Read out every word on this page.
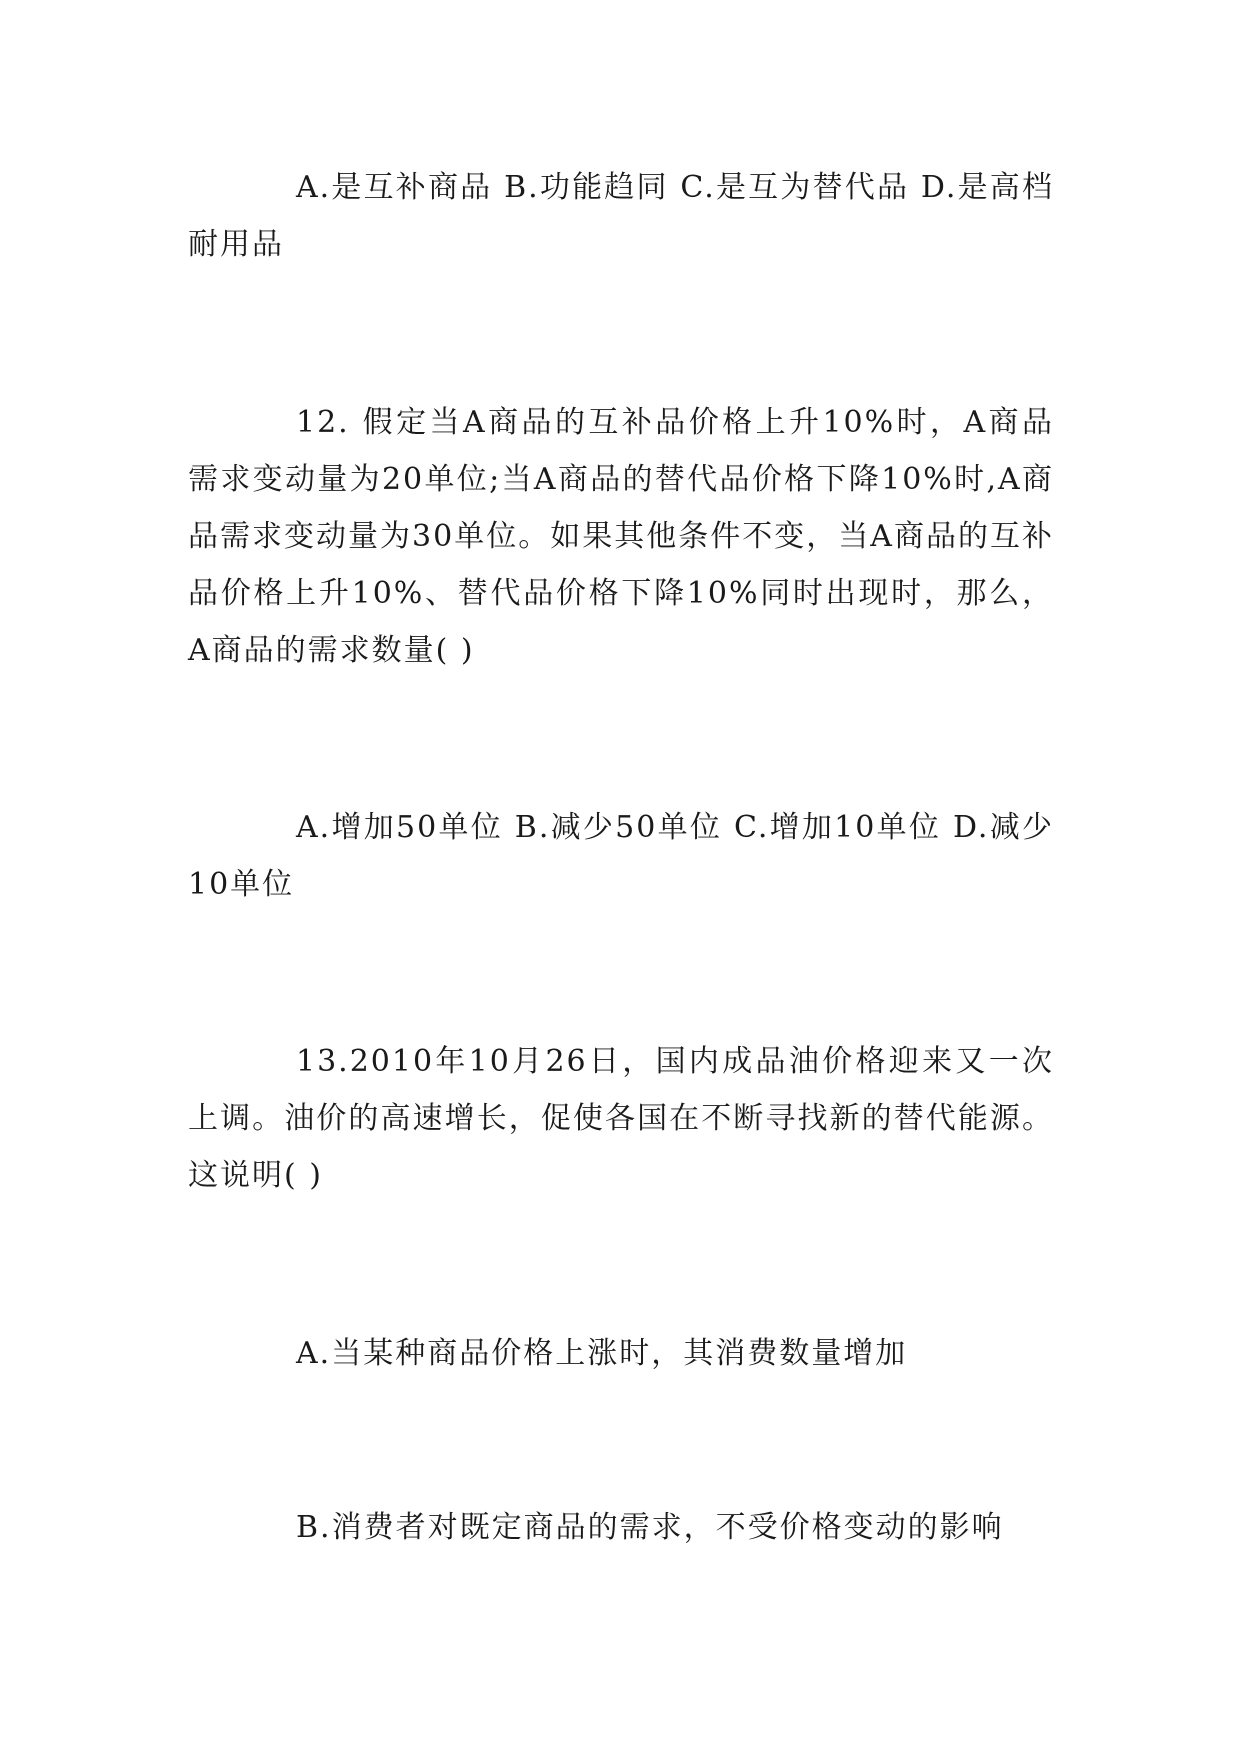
A.是互补商品 B.功能趋同 C.是互为替代品 D.是高档耐用品

12. 假定当A商品的互补品价格上升10%时，A商品需求变动量为20单位;当A商品的替代品价格下降10%时,A商品需求变动量为30单位。如果其他条件不变，当A商品的互补品价格上升10%、替代品价格下降10%同时出现时，那么，A商品的需求数量( )

A.增加50单位 B.减少50单位 C.增加10单位 D.减少10单位

13.2010年10月26日，国内成品油价格迎来又一次上调。油价的高速增长，促使各国在不断寻找新的替代能源。这说明( )

A.当某种商品价格上涨时，其消费数量增加

B.消费者对既定商品的需求，不受价格变动的影响
